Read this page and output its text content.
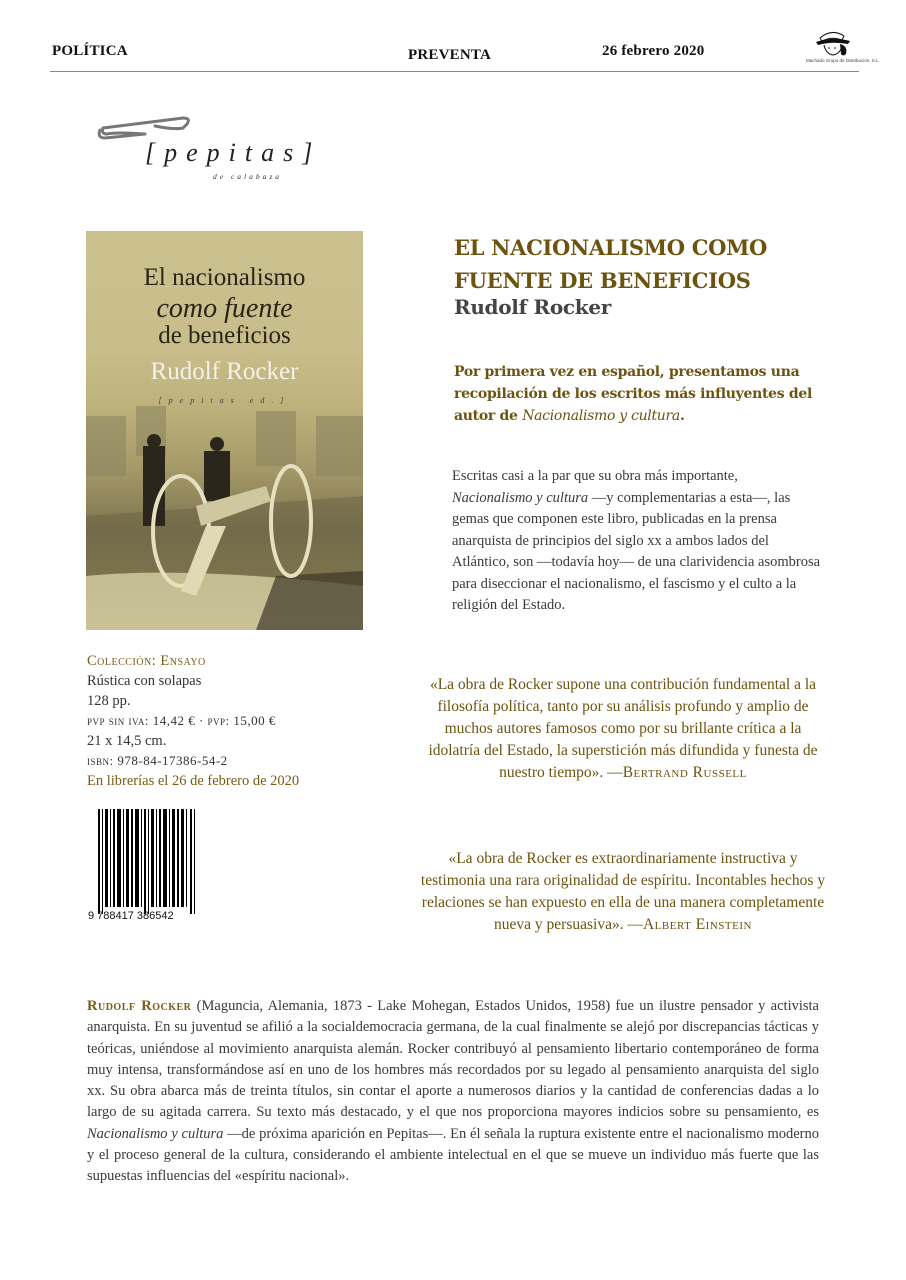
POLÍTICA	PREVENTA	26 febrero 2020
Machado Grupo de Distribución, S.L.
[pepitas]
de calabaza
El nacionalismo
como fuente
de beneficios
Rudolf Rocker
[pepitas ed.]
Colección: Ensayo
Rústica con solapas
128 pp.
pvp sin iva: 14,42 € · pvp: 15,00 €
21 x 14,5 cm.
isbn: 978-84-17386-54-2
En librerías el 26 de febrero de 2020
9 788417 386542
EL NACIONALISMO COMO
FUENTE DE BENEFICIOS
Rudolf Rocker
Por primera vez en español, presentamos una recopilación de los escritos más influyentes del autor de Nacionalismo y cultura.
Escritas casi a la par que su obra más importante, Nacionalismo y cultura —y complementarias a esta—, las gemas que componen este libro, publicadas en la prensa anarquista de principios del siglo xx a ambos lados del Atlántico, son —todavía hoy— de una clarividencia asombrosa para diseccionar el nacionalismo, el fascismo y el culto a la religión del Estado.
«La obra de Rocker supone una contribución fundamental a la filosofía política, tanto por su análisis profundo y amplio de muchos autores famosos como por su brillante crítica a la idolatría del Estado, la superstición más difundida y funesta de nuestro tiempo». —Bertrand Russell
«La obra de Rocker es extraordinariamente instructiva y testimonia una rara originalidad de espíritu. Incontables hechos y relaciones se han expuesto en ella de una manera completamente nueva y persuasiva». —Albert Einstein
Rudolf Rocker (Maguncia, Alemania, 1873 - Lake Mohegan, Estados Unidos, 1958) fue un ilustre pensador y activista anarquista. En su juventud se afilió a la socialdemocracia germana, de la cual finalmente se alejó por discrepancias tácticas y teóricas, uniéndose al movimiento anarquista alemán. Rocker contribuyó al pensamiento libertario contemporáneo de forma muy intensa, transformándose así en uno de los hombres más recordados por su legado al pensamiento anarquista del siglo xx. Su obra abarca más de treinta títulos, sin contar el aporte a numerosos diarios y la cantidad de conferencias dadas a lo largo de su agitada carrera. Su texto más destacado, y el que nos proporciona mayores indicios sobre su pensamiento, es Nacionalismo y cultura —de próxima aparición en Pepitas—. En él señala la ruptura existente entre el nacionalismo moderno y el proceso general de la cultura, considerando el ambiente intelectual en el que se mueve un individuo más fuerte que las supuestas influencias del «espíritu nacional».
